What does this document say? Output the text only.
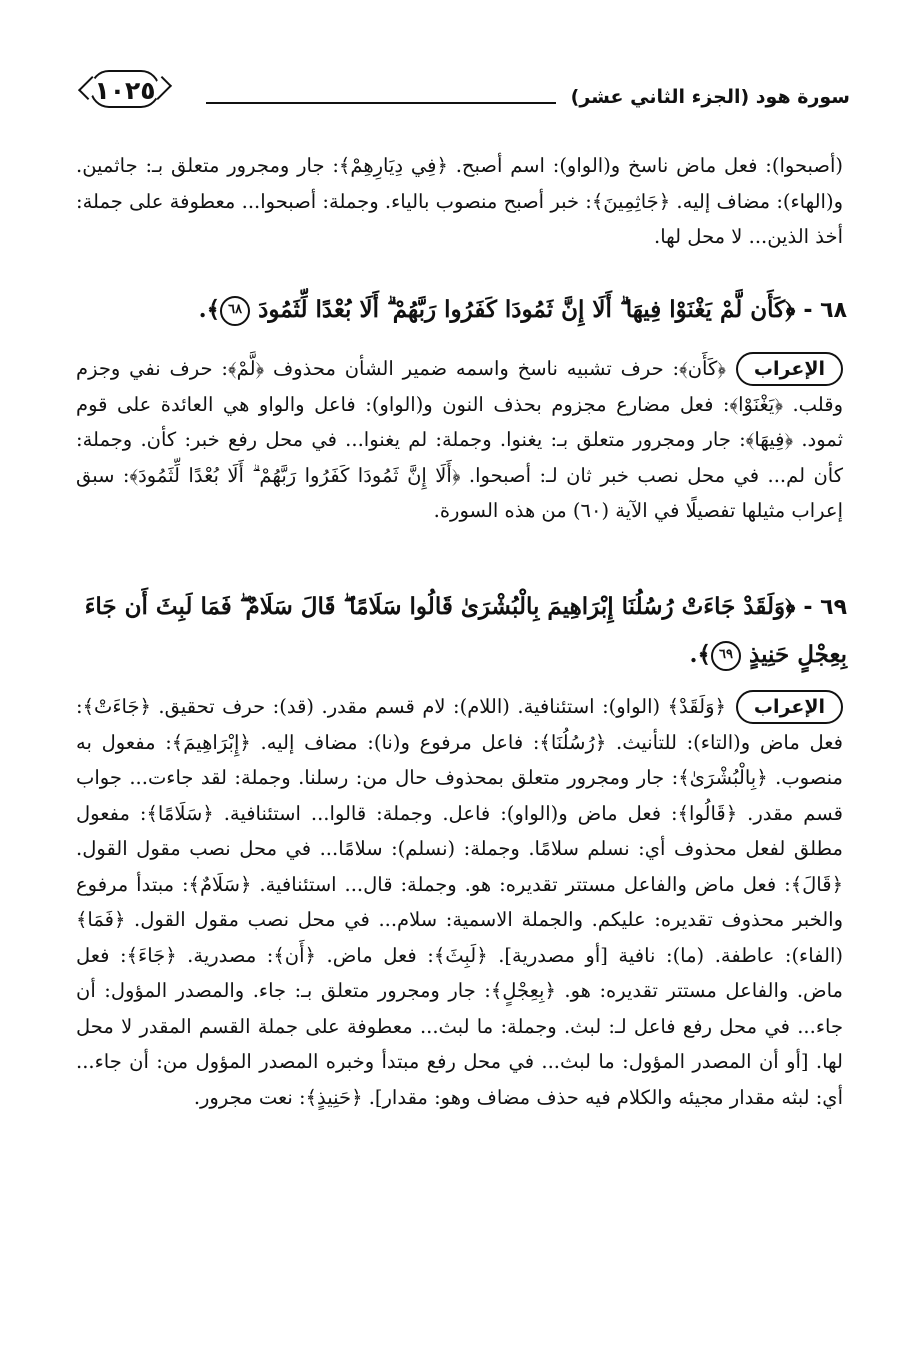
١٠٢٥	سورة هود (الجزء الثاني عشر)
(أصبحوا): فعل ماض ناسخ و(الواو): اسم أصبح. ﴿فِي دِيَارِهِمْ﴾: جار ومجرور متعلق بـ: جاثمين. و(الهاء): مضاف إليه. ﴿جَاثِمِينَ﴾: خبر أصبح منصوب بالياء. وجملة: أصبحوا... معطوفة على جملة: أخذ الذين... لا محل لها.
٦٨ - ﴿كَأَن لَّمْ يَغْنَوْا فِيهَا ۗ أَلَا إِنَّ ثَمُودَا كَفَرُوا رَبَّهُمْ ۗ أَلَا بُعْدًا لِّثَمُودَ ٦٨﴾.
الإعراب
﴿كَأَن﴾: حرف تشبيه ناسخ واسمه ضمير الشأن محذوف ﴿لَّمْ﴾: حرف نفي وجزم وقلب. ﴿يَغْنَوْا﴾: فعل مضارع مجزوم بحذف النون و(الواو): فاعل والواو هي العائدة على قوم ثمود. ﴿فِيهَا﴾: جار ومجرور متعلق بـ: يغنوا. وجملة: لم يغنوا... في محل رفع خبر: كأن. وجملة: كأن لم... في محل نصب خبر ثان لـ: أصبحوا. ﴿أَلَا إِنَّ ثَمُودَا كَفَرُوا رَبَّهُمْ ۗ أَلَا بُعْدًا لِّثَمُودَ﴾: سبق إعراب مثيلها تفصيلًا في الآية (٦٠) من هذه السورة.
٦٩ - ﴿وَلَقَدْ جَاءَتْ رُسُلُنَا إِبْرَاهِيمَ بِالْبُشْرَىٰ قَالُوا سَلَامًا ۖ قَالَ سَلَامٌ ۖ فَمَا لَبِثَ أَن جَاءَ بِعِجْلٍ حَنِيذٍ ٦٩﴾.
الإعراب
﴿وَلَقَدْ﴾ (الواو): استئنافية. (اللام): لام قسم مقدر. (قد): حرف تحقيق. ﴿جَاءَتْ﴾: فعل ماض و(التاء): للتأنيث. ﴿رُسُلُنَا﴾: فاعل مرفوع و(نا): مضاف إليه. ﴿إِبْرَاهِيمَ﴾: مفعول به منصوب. ﴿بِالْبُشْرَىٰ﴾: جار ومجرور متعلق بمحذوف حال من: رسلنا. وجملة: لقد جاءت... جواب قسم مقدر. ﴿قَالُوا﴾: فعل ماض و(الواو): فاعل. وجملة: قالوا... استئنافية. ﴿سَلَامًا﴾: مفعول مطلق لفعل محذوف أي: نسلم سلامًا. وجملة: (نسلم): سلامًا... في محل نصب مقول القول. ﴿قَالَ﴾: فعل ماض والفاعل مستتر تقديره: هو. وجملة: قال... استئنافية. ﴿سَلَامٌ﴾: مبتدأ مرفوع والخبر محذوف تقديره: عليكم. والجملة الاسمية: سلام... في محل نصب مقول القول. ﴿فَمَا﴾ (الفاء): عاطفة. (ما): نافية [أو مصدرية]. ﴿لَبِثَ﴾: فعل ماض. ﴿أَن﴾: مصدرية. ﴿جَاءَ﴾: فعل ماض. والفاعل مستتر تقديره: هو. ﴿بِعِجْلٍ﴾: جار ومجرور متعلق بـ: جاء. والمصدر المؤول: أن جاء... في محل رفع فاعل لـ: لبث. وجملة: ما لبث... معطوفة على جملة القسم المقدر لا محل لها. [أو أن المصدر المؤول: ما لبث... في محل رفع مبتدأ وخبره المصدر المؤول من: أن جاء... أي: لبثه مقدار مجيئه والكلام فيه حذف مضاف وهو: مقدار]. ﴿حَنِيذٍ﴾: نعت مجرور.
